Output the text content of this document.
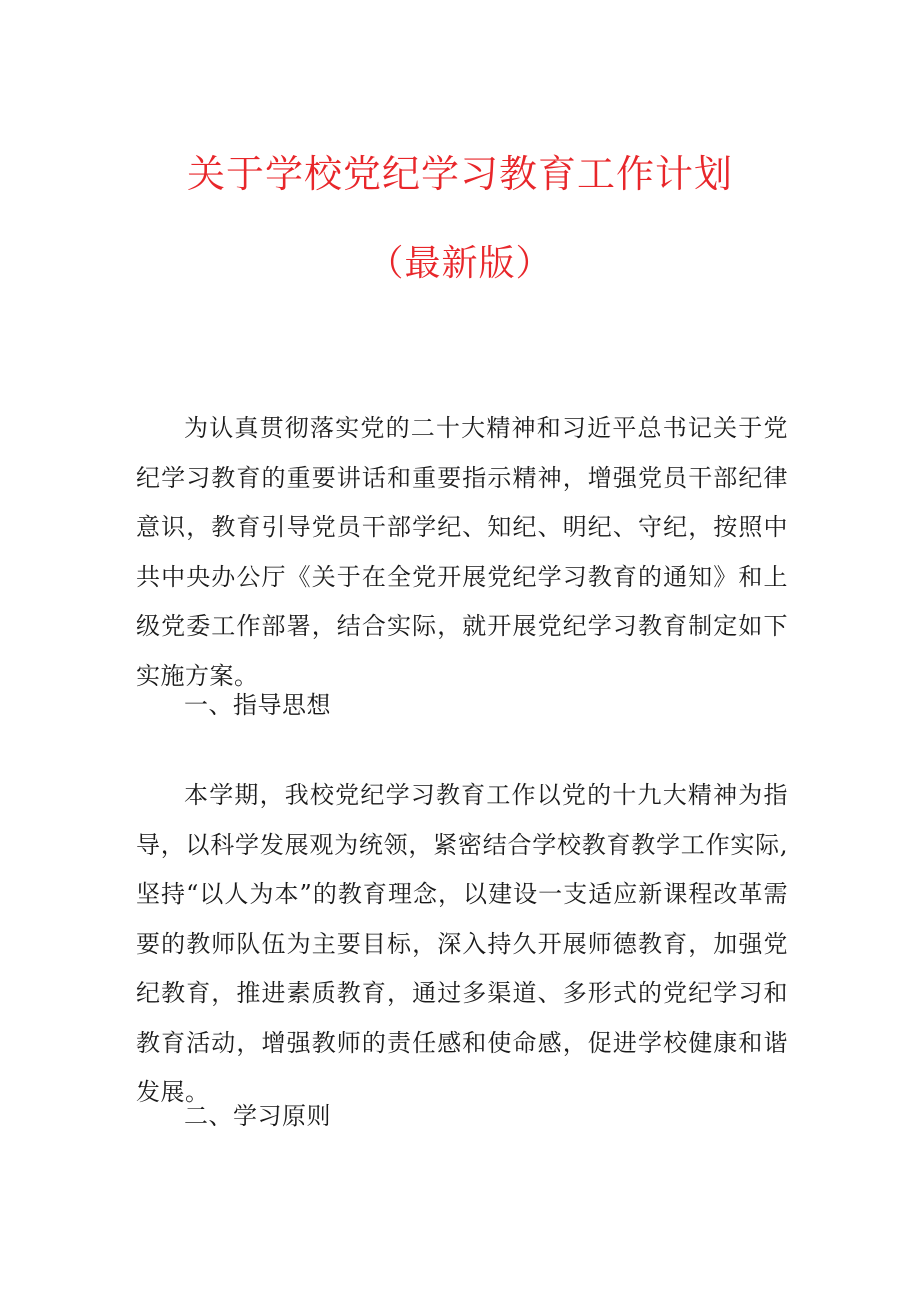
关于学校党纪学习教育工作计划
（最新版）

为认真贯彻落实党的二十大精神和习近平总书记关于党纪学习教育的重要讲话和重要指示精神，增强党员干部纪律意识，教育引导党员干部学纪、知纪、明纪、守纪，按照中共中央办公厅《关于在全党开展党纪学习教育的通知》和上级党委工作部署，结合实际，就开展党纪学习教育制定如下实施方案。

一、指导思想

本学期，我校党纪学习教育工作以党的十九大精神为指导，以科学发展观为统领，紧密结合学校教育教学工作实际,坚持“以人为本”的教育理念，以建设一支适应新课程改革需要的教师队伍为主要目标，深入持久开展师德教育，加强党纪教育，推进素质教育，通过多渠道、多形式的党纪学习和教育活动，增强教师的责任感和使命感，促进学校健康和谐发展。

二、学习原则
